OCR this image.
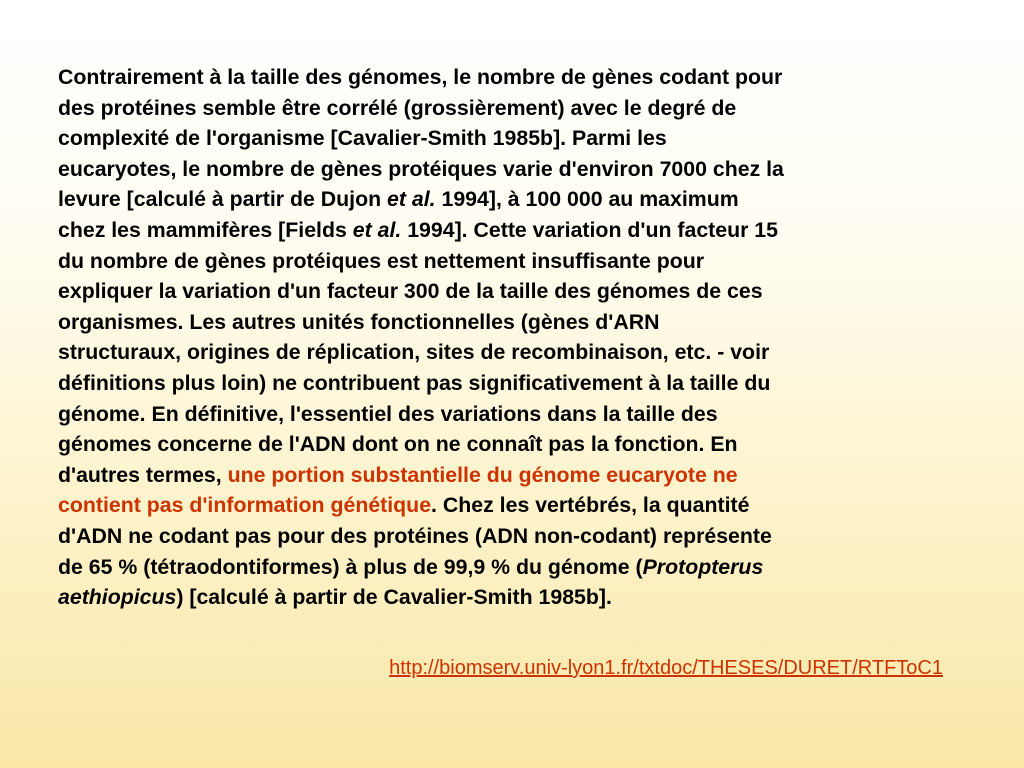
Contrairement à la taille des génomes, le nombre de gènes codant pour
des protéines semble être corrélé (grossièrement) avec le degré de
complexité de l'organisme [Cavalier-Smith 1985b]. Parmi les
eucaryotes, le nombre de gènes protéiques varie d'environ 7000 chez la
levure [calculé à partir de Dujon et al. 1994], à 100 000 au maximum
chez les mammifères [Fields et al. 1994]. Cette variation d'un facteur 15
du nombre de gènes protéiques est nettement insuffisante pour
expliquer la variation d'un facteur 300 de la taille des génomes de ces
organismes. Les autres unités fonctionnelles (gènes d'ARN
structuraux, origines de réplication, sites de recombinaison, etc. - voir
définitions plus loin) ne contribuent pas significativement à la taille du
génome. En définitive, l'essentiel des variations dans la taille des
génomes concerne de l'ADN dont on ne connaît pas la fonction. En
d'autres termes, une portion substantielle du génome eucaryote ne
contient pas d'information génétique. Chez les vertébrés, la quantité
d'ADN ne codant pas pour des protéines (ADN non-codant) représente
de 65 % (tétraodontiformes) à plus de 99,9 % du génome (Protopterus
aethiopicus) [calculé à partir de Cavalier-Smith 1985b].

http://biomserv.univ-lyon1.fr/txtdoc/THESES/DURET/RTFToC1
